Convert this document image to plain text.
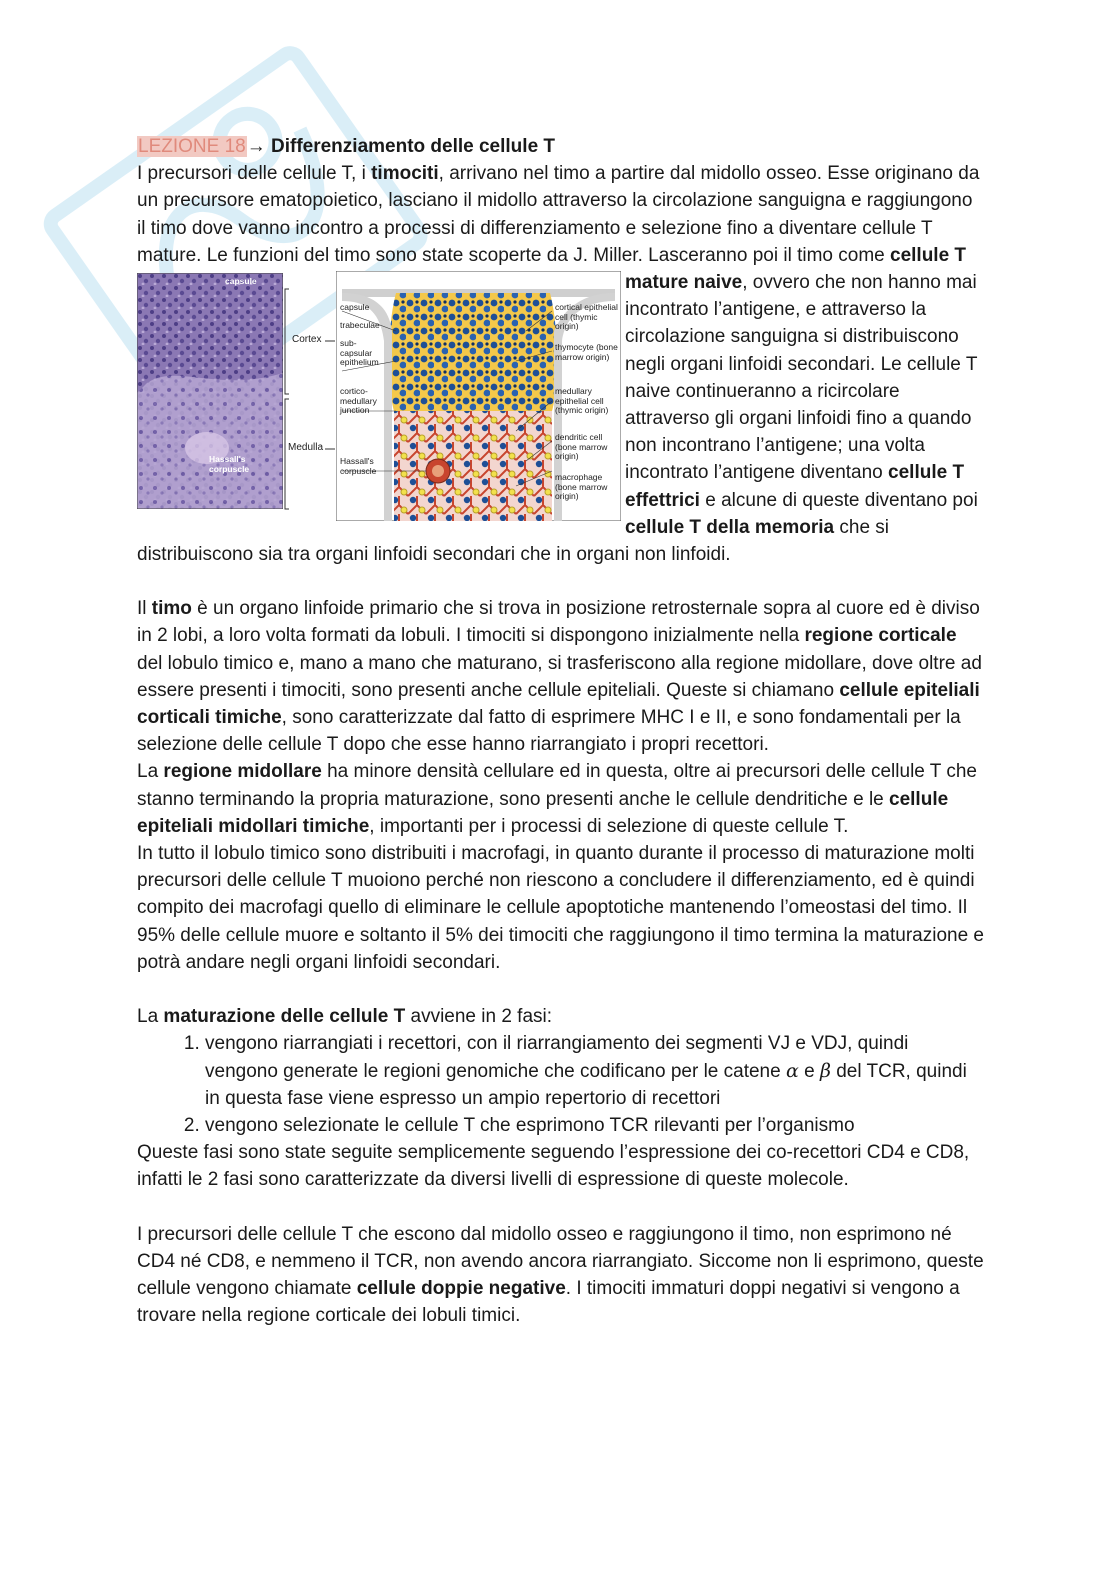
LEZIONE 18→ Differenziamento delle cellule T

I precursori delle cellule T, i timociti, arrivano nel timo a partire dal midollo osseo. Esse originano da un precursore ematopoietico, lasciano il midollo attraverso la circolazione sanguigna e raggiungono il timo dove vanno incontro a processi di differenziamento e selezione fino a diventare cellule T mature. Le funzioni del timo sono state scoperte da J. Miller. Lasceranno poi il timo come cellule T mature naive, ovvero che non hanno mai
capsule
Hassall's corpuscle
Cortex
Medulla
capsule
trabeculae
sub-capsular epithelium
cortico-medullary junction
Hassall's corpuscle
cortical epithelial cell (thymic origin)
thymocyte (bone marrow origin)
medullary epithelial cell (thymic origin)
dendritic cell (bone marrow origin)
macrophage (bone marrow origin)
incontrato l’antigene, e attraverso la circolazione sanguigna si distribuiscono negli organi linfoidi secondari. Le cellule T naive continueranno a ricircolare attraverso gli organi linfoidi fino a quando non incontrano l’antigene; una volta incontrato l’antigene diventano cellule T effettrici e alcune di queste diventano poi cellule T della memoria che si distribuiscono sia tra organi linfoidi secondari che in organi non linfoidi.

Il timo è un organo linfoide primario che si trova in posizione retrosternale sopra al cuore ed è diviso in 2 lobi, a loro volta formati da lobuli. I timociti si dispongono inizialmente nella regione corticale del lobulo timico e, mano a mano che maturano, si trasferiscono alla regione midollare, dove oltre ad essere presenti i timociti, sono presenti anche cellule epiteliali. Queste si chiamano cellule epiteliali corticali timiche, sono caratterizzate dal fatto di esprimere MHC I e II, e sono fondamentali per la selezione delle cellule T dopo che esse hanno riarrangiato i propri recettori.

La regione midollare ha minore densità cellulare ed in questa, oltre ai precursori delle cellule T che stanno terminando la propria maturazione, sono presenti anche le cellule dendritiche e le cellule epiteliali midollari timiche, importanti per i processi di selezione di queste cellule T.

In tutto il lobulo timico sono distribuiti i macrofagi, in quanto durante il processo di maturazione molti precursori delle cellule T muoiono perché non riescono a concludere il differenziamento, ed è quindi compito dei macrofagi quello di eliminare le cellule apoptotiche mantenendo l’omeostasi del timo. Il 95% delle cellule muore e soltanto il 5% dei timociti che raggiungono il timo termina la maturazione e potrà andare negli organi linfoidi secondari.

La maturazione delle cellule T avviene in 2 fasi:

1. vengono riarrangiati i recettori, con il riarrangiamento dei segmenti VJ e VDJ, quindi vengono generate le regioni genomiche che codificano per le catene α e β del TCR, quindi in questa fase viene espresso un ampio repertorio di recettori
2. vengono selezionate le cellule T che esprimono TCR rilevanti per l’organismo

Queste fasi sono state seguite semplicemente seguendo l’espressione dei co-recettori CD4 e CD8, infatti le 2 fasi sono caratterizzate da diversi livelli di espressione di queste molecole.

I precursori delle cellule T che escono dal midollo osseo e raggiungono il timo, non esprimono né CD4 né CD8, e nemmeno il TCR, non avendo ancora riarrangiato. Siccome non li esprimono, queste cellule vengono chiamate cellule doppie negative. I timociti immaturi doppi negativi si vengono a trovare nella regione corticale dei lobuli timici.
